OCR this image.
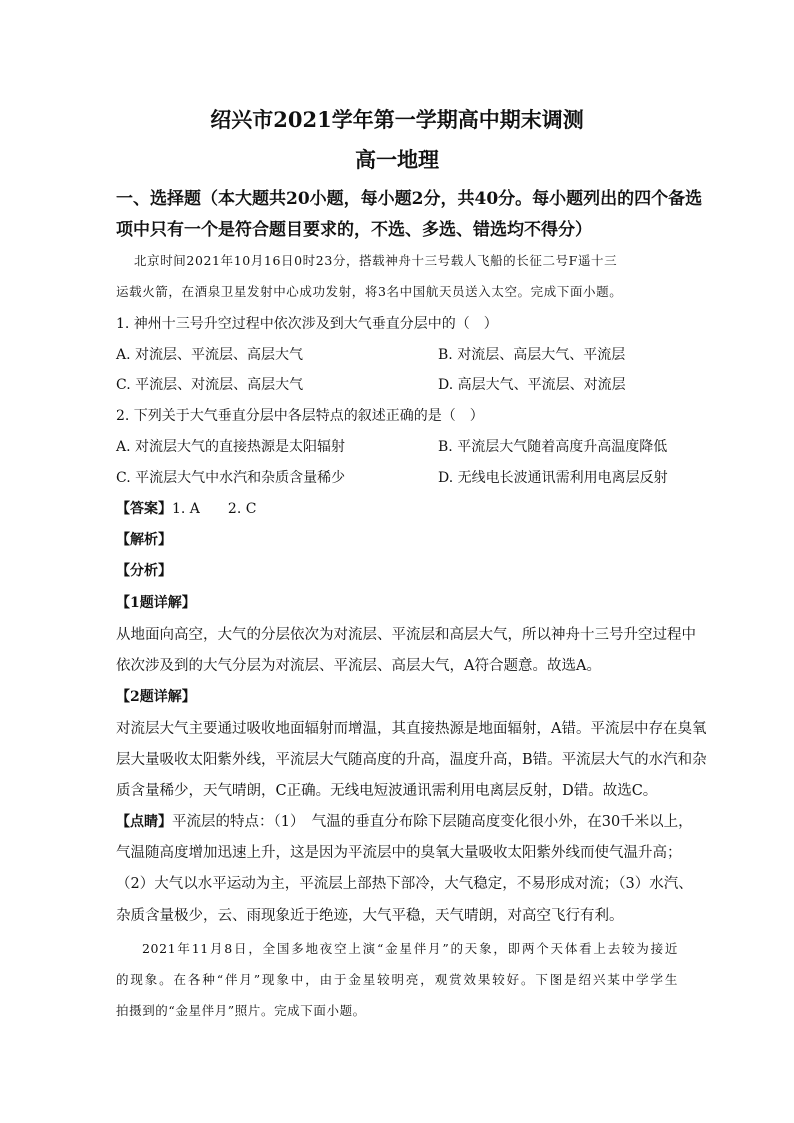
绍兴市2021学年第一学期高中期末调测
高一地理
一、选择题（本大题共20小题，每小题2分，共40分。每小题列出的四个备选
项中只有一个是符合题目要求的，不选、多选、错选均不得分）
北京时间2021年10月16日0时23分，搭载神舟十三号载人飞船的长征二号F遥十三
运载火箭，在酒泉卫星发射中心成功发射，将3名中国航天员送入太空。完成下面小题。
1. 神州十三号升空过程中依次涉及到大气垂直分层中的（　）
A. 对流层、平流层、高层大气	B. 对流层、高层大气、平流层
C. 平流层、对流层、高层大气	D. 高层大气、平流层、对流层
2. 下列关于大气垂直分层中各层特点的叙述正确的是（　）
A. 对流层大气的直接热源是太阳辐射	B. 平流层大气随着高度升高温度降低
C. 平流层大气中水汽和杂质含量稀少	D. 无线电长波通讯需利用电离层反射
【答案】1. A　　2. C
【解析】
【分析】
【1题详解】
从地面向高空，大气的分层依次为对流层、平流层和高层大气，所以神舟十三号升空过程中
依次涉及到的大气分层为对流层、平流层、高层大气，A符合题意。故选A。
【2题详解】
对流层大气主要通过吸收地面辐射而增温，其直接热源是地面辐射，A错。平流层中存在臭氧
层大量吸收太阳紫外线，平流层大气随高度的升高，温度升高，B错。平流层大气的水汽和杂
质含量稀少，天气晴朗，C正确。无线电短波通讯需利用电离层反射，D错。故选C。
【点睛】平流层的特点：（1）　气温的垂直分布除下层随高度变化很小外，在30千米以上，
气温随高度增加迅速上升，这是因为平流层中的臭氧大量吸收太阳紫外线而使气温升高；
（2）大气以水平运动为主，平流层上部热下部冷，大气稳定，不易形成对流；（3）水汽、
杂质含量极少，云、雨现象近于绝迹，大气平稳，天气晴朗，对高空飞行有利。
2021年11月8日，全国多地夜空上演“金星伴月”的天象，即两个天体看上去较为接近
的现象。在各种“伴月”现象中，由于金星较明亮，观赏效果较好。下图是绍兴某中学学生
拍摄到的“金星伴月”照片。完成下面小题。
